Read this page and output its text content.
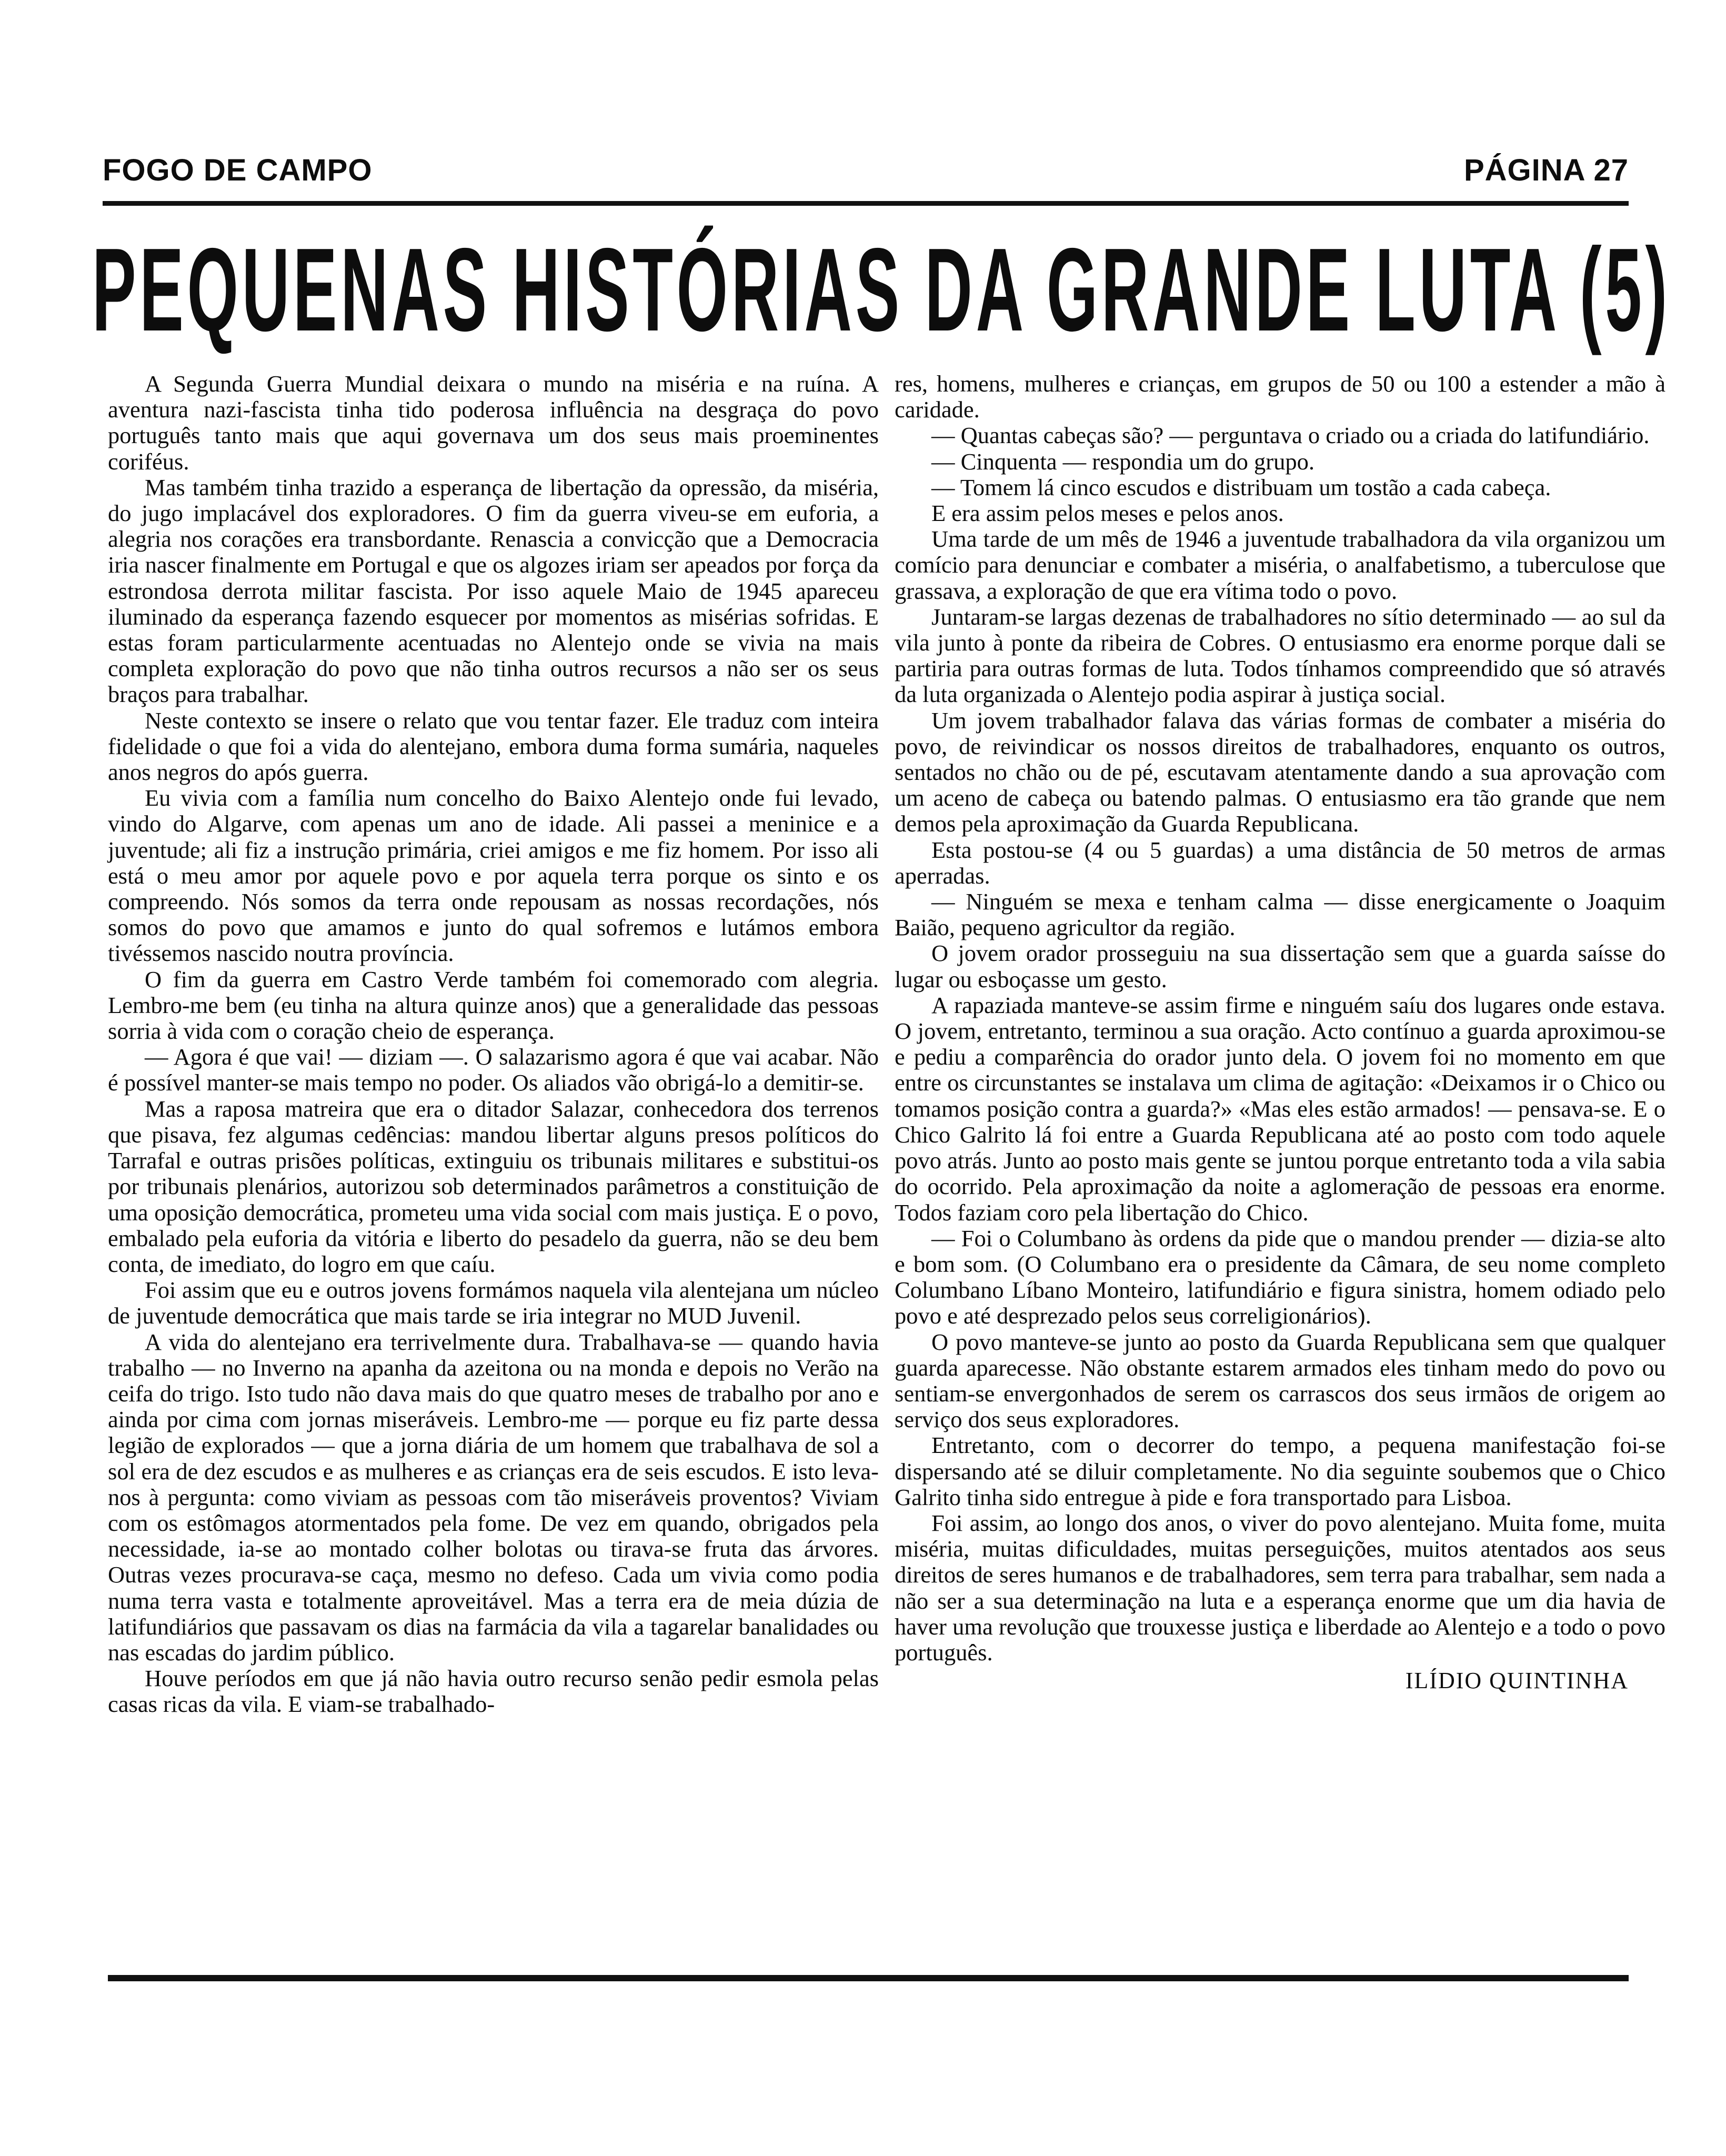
FOGO DE CAMPO	PÁGINA 27
PEQUENAS HISTÓRIAS DA GRANDE LUTA (5)

A Segunda Guerra Mundial deixara o mundo na miséria e na ruína. A aventura nazi-fascista tinha tido poderosa influência na desgraça do povo português tanto mais que aqui governava um dos seus mais proeminentes coriféus.

Mas também tinha trazido a esperança de libertação da opressão, da miséria, do jugo implacável dos exploradores. O fim da guerra viveu-se em euforia, a alegria nos corações era transbordante. Renascia a convicção que a Democracia iria nascer finalmente em Portugal e que os algozes iriam ser apeados por força da estrondosa derrota militar fascista. Por isso aquele Maio de 1945 apareceu iluminado da esperança fazendo esquecer por momentos as misérias sofridas. E estas foram particularmente acentuadas no Alentejo onde se vivia na mais completa exploração do povo que não tinha outros recursos a não ser os seus braços para trabalhar.

Neste contexto se insere o relato que vou tentar fazer. Ele traduz com inteira fidelidade o que foi a vida do alentejano, embora duma forma sumária, naqueles anos negros do após guerra.

Eu vivia com a família num concelho do Baixo Alentejo onde fui levado, vindo do Algarve, com apenas um ano de idade. Ali passei a meninice e a juventude; ali fiz a instrução primária, criei amigos e me fiz homem. Por isso ali está o meu amor por aquele povo e por aquela terra porque os sinto e os compreendo. Nós somos da terra onde repousam as nossas recordações, nós somos do povo que amamos e junto do qual sofremos e lutámos embora tivéssemos nascido noutra província.

O fim da guerra em Castro Verde também foi comemorado com alegria. Lembro-me bem (eu tinha na altura quinze anos) que a generalidade das pessoas sorria à vida com o coração cheio de esperança.

— Agora é que vai! — diziam —. O salazarismo agora é que vai acabar. Não é possível manter-se mais tempo no poder. Os aliados vão obrigá-lo a demitir-se.

Mas a raposa matreira que era o ditador Salazar, conhecedora dos terrenos que pisava, fez algumas cedências: mandou libertar alguns presos políticos do Tarrafal e outras prisões políticas, extinguiu os tribunais militares e substitui-os por tribunais plenários, autorizou sob determinados parâmetros a constituição de uma oposição democrática, prometeu uma vida social com mais justiça. E o povo, embalado pela euforia da vitória e liberto do pesadelo da guerra, não se deu bem conta, de imediato, do logro em que caíu.

Foi assim que eu e outros jovens formámos naquela vila alentejana um núcleo de juventude democrática que mais tarde se iria integrar no MUD Juvenil.

A vida do alentejano era terrivelmente dura. Trabalhava-se — quando havia trabalho — no Inverno na apanha da azeitona ou na monda e depois no Verão na ceifa do trigo. Isto tudo não dava mais do que quatro meses de trabalho por ano e ainda por cima com jornas miseráveis. Lembro-me — porque eu fiz parte dessa legião de explorados — que a jorna diária de um homem que trabalhava de sol a sol era de dez escudos e as mulheres e as crianças era de seis escudos. E isto leva-nos à pergunta: como viviam as pessoas com tão miseráveis proventos? Viviam com os estômagos atormentados pela fome. De vez em quando, obrigados pela necessidade, ia-se ao montado colher bolotas ou tirava-se fruta das árvores. Outras vezes procurava-se caça, mesmo no defeso. Cada um vivia como podia numa terra vasta e totalmente aproveitável. Mas a terra era de meia dúzia de latifundiários que passavam os dias na farmácia da vila a tagarelar banalidades ou nas escadas do jardim público.

Houve períodos em que já não havia outro recurso senão pedir esmola pelas casas ricas da vila. E viam-se trabalhado-

res, homens, mulheres e crianças, em grupos de 50 ou 100 a estender a mão à caridade.

— Quantas cabeças são? — perguntava o criado ou a criada do latifundiário.

— Cinquenta — respondia um do grupo.

— Tomem lá cinco escudos e distribuam um tostão a cada cabeça.

E era assim pelos meses e pelos anos.

Uma tarde de um mês de 1946 a juventude trabalhadora da vila organizou um comício para denunciar e combater a miséria, o analfabetismo, a tuberculose que grassava, a exploração de que era vítima todo o povo.

Juntaram-se largas dezenas de trabalhadores no sítio determinado — ao sul da vila junto à ponte da ribeira de Cobres. O entusiasmo era enorme porque dali se partiria para outras formas de luta. Todos tínhamos compreendido que só através da luta organizada o Alentejo podia aspirar à justiça social.

Um jovem trabalhador falava das várias formas de combater a miséria do povo, de reivindicar os nossos direitos de trabalhadores, enquanto os outros, sentados no chão ou de pé, escutavam atentamente dando a sua aprovação com um aceno de cabeça ou batendo palmas. O entusiasmo era tão grande que nem demos pela aproximação da Guarda Republicana.

Esta postou-se (4 ou 5 guardas) a uma distância de 50 metros de armas aperradas.

— Ninguém se mexa e tenham calma — disse energicamente o Joaquim Baião, pequeno agricultor da região.

O jovem orador prosseguiu na sua dissertação sem que a guarda saísse do lugar ou esboçasse um gesto.

A rapaziada manteve-se assim firme e ninguém saíu dos lugares onde estava. O jovem, entretanto, terminou a sua oração. Acto contínuo a guarda aproximou-se e pediu a comparência do orador junto dela. O jovem foi no momento em que entre os circunstantes se instalava um clima de agitação: «Deixamos ir o Chico ou tomamos posição contra a guarda?» «Mas eles estão armados! — pensava-se. E o Chico Galrito lá foi entre a Guarda Republicana até ao posto com todo aquele povo atrás. Junto ao posto mais gente se juntou porque entretanto toda a vila sabia do ocorrido. Pela aproximação da noite a aglomeração de pessoas era enorme. Todos faziam coro pela libertação do Chico.

— Foi o Columbano às ordens da pide que o mandou prender — dizia-se alto e bom som. (O Columbano era o presidente da Câmara, de seu nome completo Columbano Líbano Monteiro, latifundiário e figura sinistra, homem odiado pelo povo e até desprezado pelos seus correligionários).

O povo manteve-se junto ao posto da Guarda Republicana sem que qualquer guarda aparecesse. Não obstante estarem armados eles tinham medo do povo ou sentiam-se envergonhados de serem os carrascos dos seus irmãos de origem ao serviço dos seus exploradores.

Entretanto, com o decorrer do tempo, a pequena manifestação foi-se dispersando até se diluir completamente. No dia seguinte soubemos que o Chico Galrito tinha sido entregue à pide e fora transportado para Lisboa.

Foi assim, ao longo dos anos, o viver do povo alentejano. Muita fome, muita miséria, muitas dificuldades, muitas perseguições, muitos atentados aos seus direitos de seres humanos e de trabalhadores, sem terra para trabalhar, sem nada a não ser a sua determinação na luta e a esperança enorme que um dia havia de haver uma revolução que trouxesse justiça e liberdade ao Alentejo e a todo o povo português.

ILÍDIO QUINTINHA
